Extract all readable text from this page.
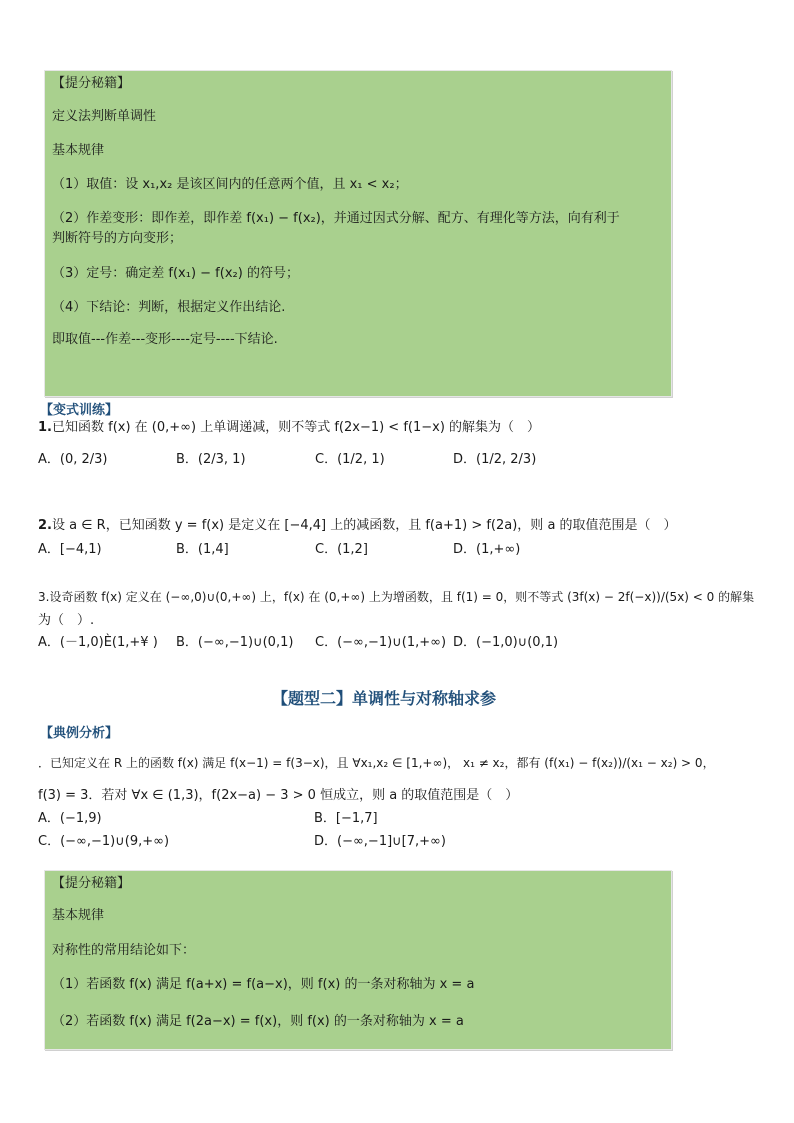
【提分秘籍】
定义法判断单调性
基本规律
（1）取值：设 x₁,x₂ 是该区间内的任意两个值，且 x₁ < x₂；
（2）作差变形：即作差，即作差 f(x₁) − f(x₂)，并通过因式分解、配方、有理化等方法，向有利于
判断符号的方向变形；
（3）定号：确定差 f(x₁) − f(x₂) 的符号；
（4）下结论：判断，根据定义作出结论.
即取值---作差---变形----定号----下结论.
【变式训练】
1.已知函数 f(x) 在 (0,+∞) 上单调递减，则不等式 f(2x−1) < f(1−x) 的解集为（　）
A．(0, 2/3)	B．(2/3, 1)	C．(1/2, 1)	D．(1/2, 2/3)
2.设 a ∈ R，已知函数 y = f(x) 是定义在 [−4,4] 上的减函数，且 f(a+1) > f(2a)，则 a 的取值范围是（　）
A．[−4,1)	B．(1,4]	C．(1,2]	D．(1,+∞)
3.设奇函数 f(x) 定义在 (−∞,0)∪(0,+∞) 上，f(x) 在 (0,+∞) 上为增函数，且 f(1) = 0，则不等式 (3f(x) − 2f(−x))/(5x) < 0 的解集
为（　）.
A．(－1,0)È(1,+¥ ) B．(−∞,−1)∪(0,1) C．(−∞,−1)∪(1,+∞) D．(−1,0)∪(0,1)
【题型二】单调性与对称轴求参
【典例分析】
．已知定义在 R 上的函数 f(x) 满足 f(x−1) = f(3−x)，且 ∀x₁,x₂ ∈ [1,+∞)， x₁ ≠ x₂，都有 (f(x₁) − f(x₂))/(x₁ − x₂) > 0，
f(3) = 3．若对 ∀x ∈ (1,3)，f(2x−a) − 3 > 0 恒成立，则 a 的取值范围是（　）
A．(−1,9)	B．[−1,7]
C．(−∞,−1)∪(9,+∞)	D．(−∞,−1]∪[7,+∞)
【提分秘籍】
基本规律
对称性的常用结论如下：
（1）若函数 f(x) 满足 f(a+x) = f(a−x)，则 f(x) 的一条对称轴为 x = a
（2）若函数 f(x) 满足 f(2a−x) = f(x)，则 f(x) 的一条对称轴为 x = a
